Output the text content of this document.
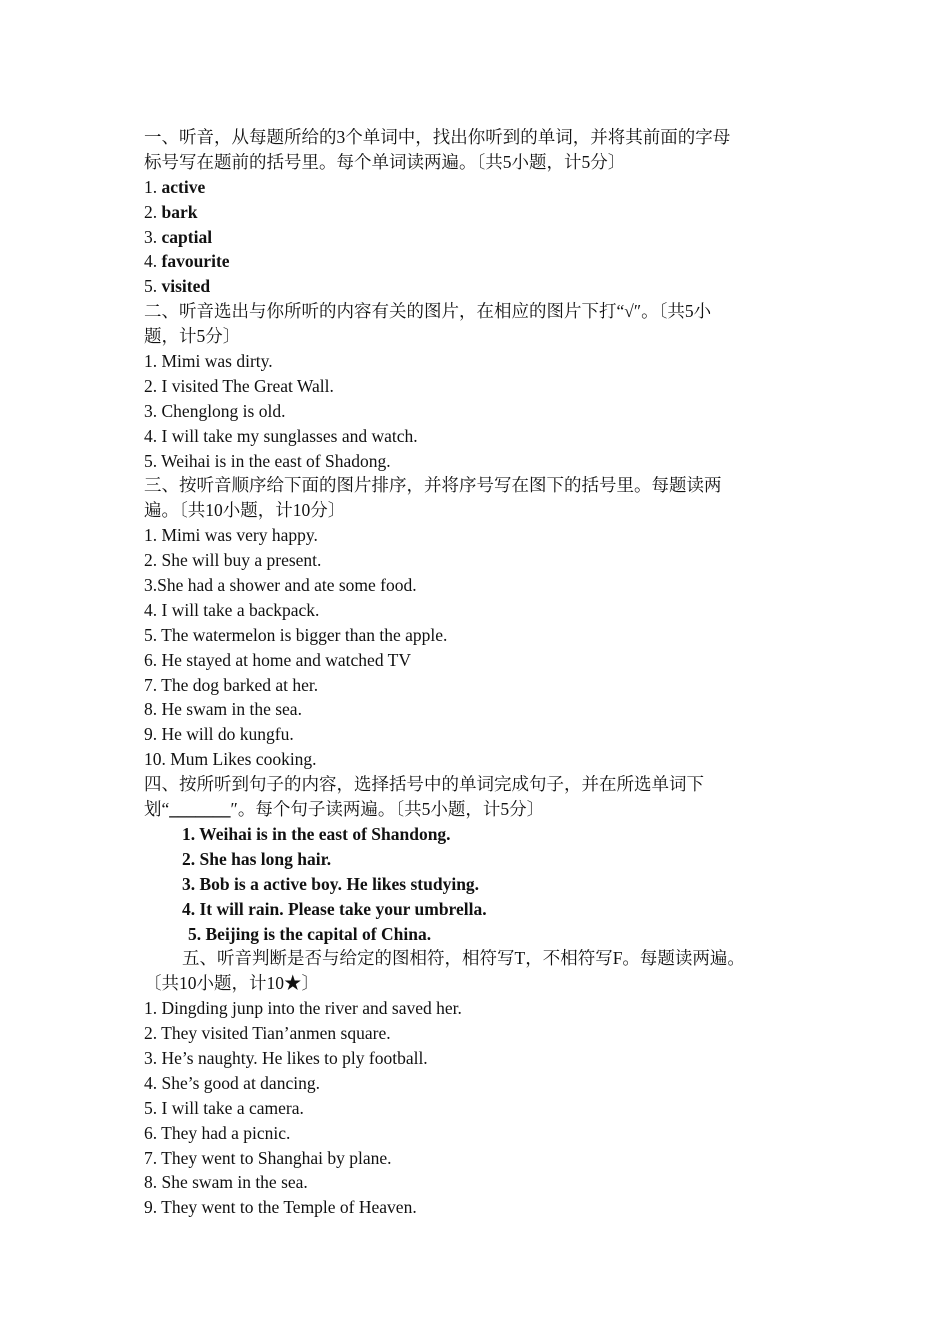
一、听音，从每题所给的3个单词中，找出你听到的单词，并将其前面的字母
标号写在题前的括号里。每个单词读两遍。〔共5小题，计5分〕
1. active
2. bark
3. captial
4. favourite
5. visited
二、听音选出与你所听的内容有关的图片，在相应的图片下打“√″。〔共5小
题，计5分〕
1. Mimi was dirty.
2. I visited The Great Wall.
3. Chenglong is old.
4. I will take my sunglasses and watch.
5. Weihai is in the east of Shadong.
三、按听音顺序给下面的图片排序，并将序号写在图下的括号里。每题读两
遍。〔共10小题，计10分〕
1. Mimi was very happy.
2. She will buy a present.
3.She had a shower and ate some food.
4. I will take a backpack.
5. The watermelon is bigger than the apple.
6. He stayed at home and watched TV
7. The dog barked at her.
8. He swam in the sea.
9. He will do kungfu.
10. Mum Likes cooking.
四、按所听到句子的内容，选择括号中的单词完成句子，并在所选单词下
划“_______″。每个句子读两遍。〔共5小题，计5分〕
1. Weihai is in the east of Shandong.
2. She has long hair.
3. Bob is a active boy. He likes studying.
4. It will rain. Please take your umbrella.
5. Beijing is the capital of China.
五、听音判断是否与给定的图相符，相符写T，不相符写F。每题读两遍。
〔共10小题，计10★〕
1. Dingding junp into the river and saved her.
2. They visited Tian’anmen square.
3. He’s naughty. He likes to ply football.
4. She’s good at dancing.
5. I will take a camera.
6. They had a picnic.
7. They went to Shanghai by plane.
8. She swam in the sea.
9. They went to the Temple of Heaven.
